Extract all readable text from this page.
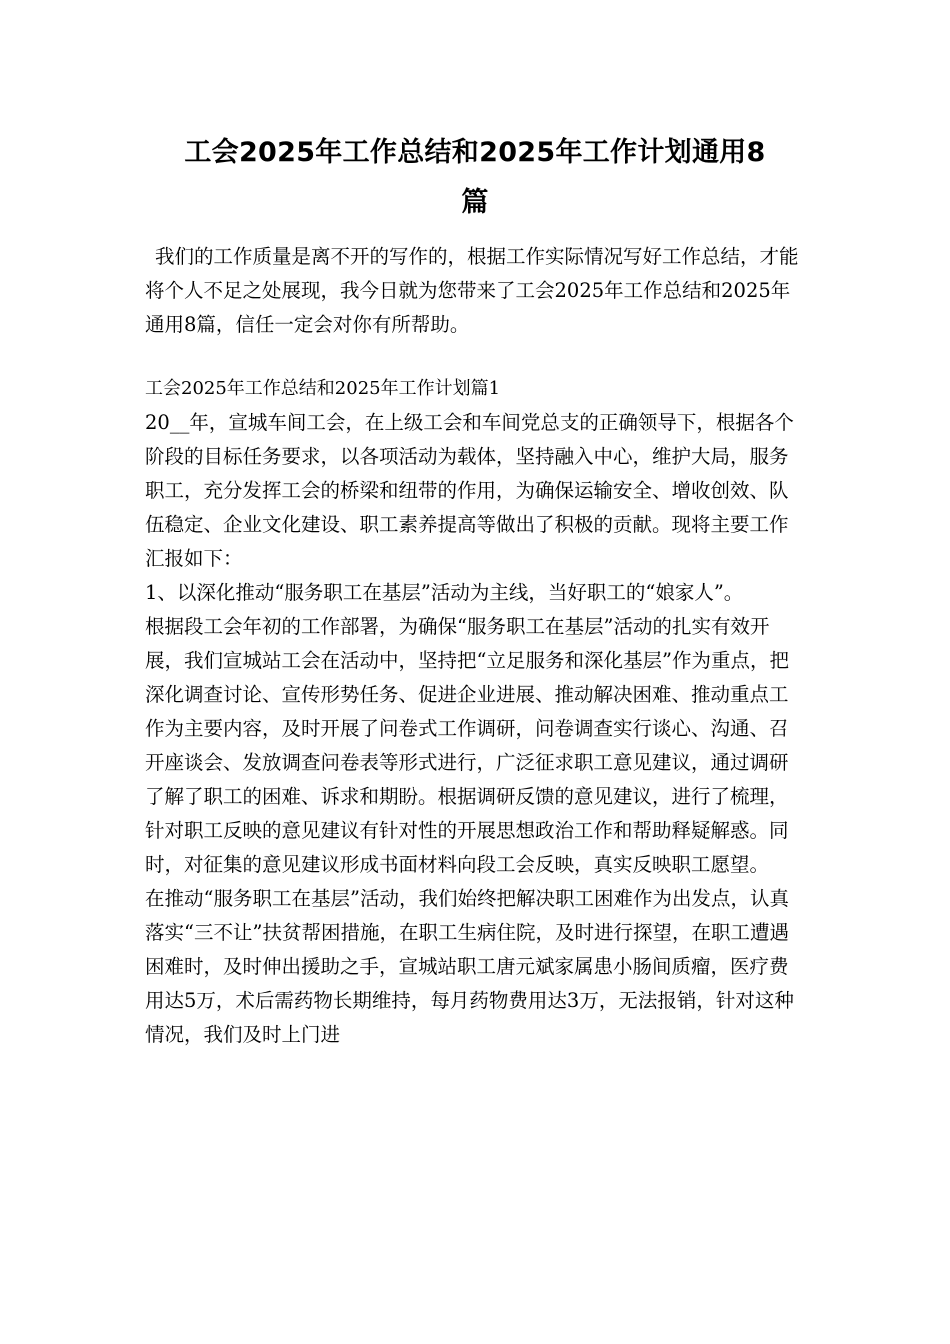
工会2025年工作总结和2025年工作计划通用8
篇

我们的工作质量是离不开的写作的，根据工作实际情况写好工作总结，才能将个人不足之处展现，我今日就为您带来了工会2025年工作总结和2025年通用8篇，信任一定会对你有所帮助。

工会2025年工作总结和2025年工作计划篇1

20__年，宣城车间工会，在上级工会和车间党总支的正确领导下，根据各个阶段的目标任务要求，以各项活动为载体，坚持融入中心，维护大局，服务职工，充分发挥工会的桥梁和纽带的作用，为确保运输安全、增收创效、队伍稳定、企业文化建设、职工素养提高等做出了积极的贡献。现将主要工作汇报如下：

1、以深化推动“服务职工在基层”活动为主线，当好职工的“娘家人”。

根据段工会年初的工作部署，为确保“服务职工在基层”活动的扎实有效开展，我们宣城站工会在活动中，坚持把“立足服务和深化基层”作为重点，把深化调查讨论、宣传形势任务、促进企业进展、推动解决困难、推动重点工作为主要内容，及时开展了问卷式工作调研，问卷调查实行谈心、沟通、召开座谈会、发放调查问卷表等形式进行，广泛征求职工意见建议，通过调研了解了职工的困难、诉求和期盼。根据调研反馈的意见建议，进行了梳理，针对职工反映的意见建议有针对性的开展思想政治工作和帮助释疑解惑。同时，对征集的意见建议形成书面材料向段工会反映，真实反映职工愿望。

在推动“服务职工在基层”活动，我们始终把解决职工困难作为出发点，认真落实“三不让”扶贫帮困措施，在职工生病住院，及时进行探望，在职工遭遇困难时，及时伸出援助之手，宣城站职工唐元斌家属患小肠间质瘤，医疗费用达5万，术后需药物长期维持，每月药物费用达3万，无法报销，针对这种情况，我们及时上门进
